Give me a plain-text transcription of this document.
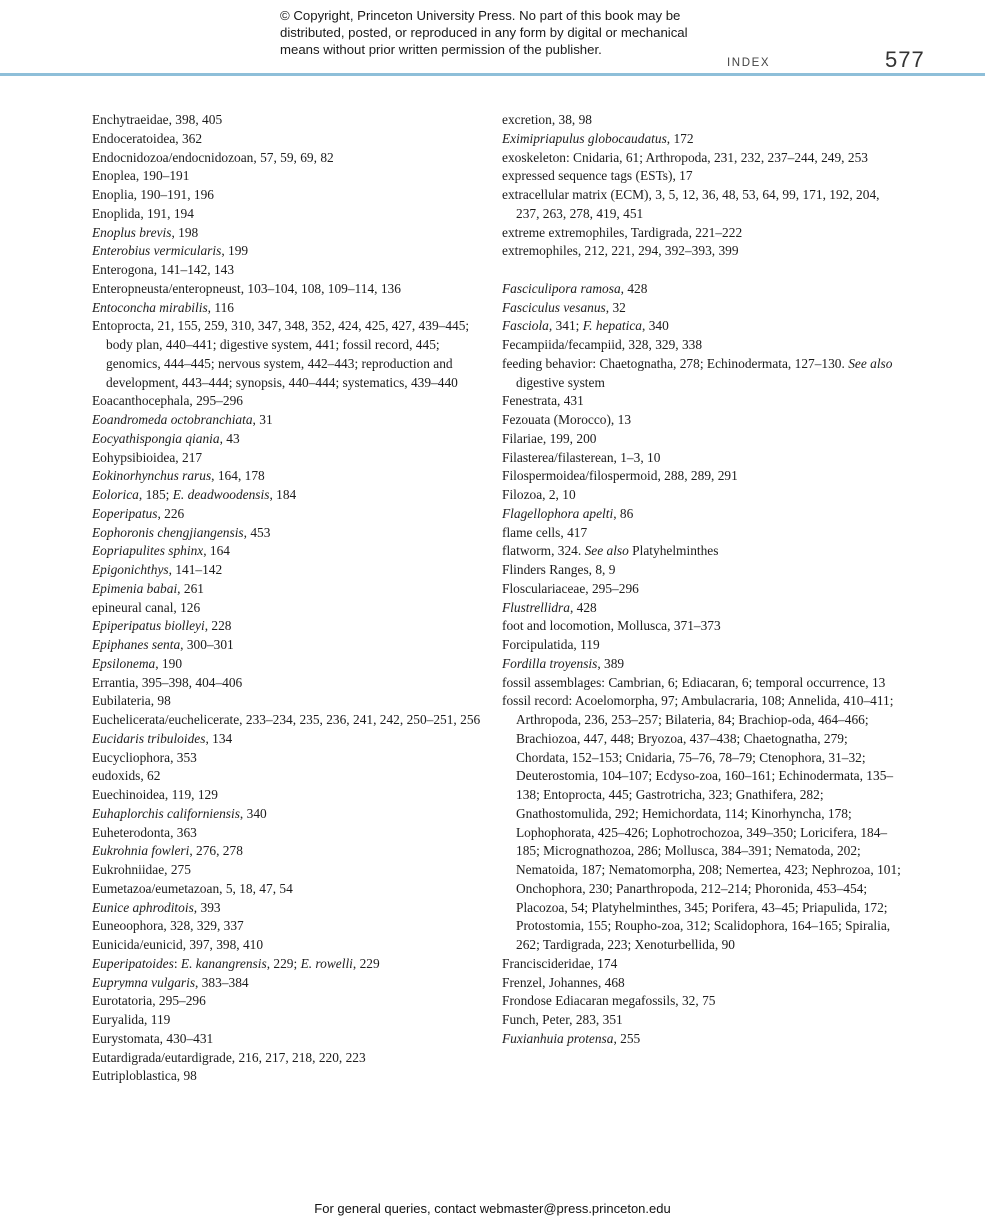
© Copyright, Princeton University Press. No part of this book may be distributed, posted, or reproduced in any form by digital or mechanical means without prior written permission of the publisher.
INDEX	577
Enchytraeidae, 398, 405
Endoceratoidea, 362
Endocnidozoa/endocnidozoan, 57, 59, 69, 82
Enoplea, 190–191
Enoplia, 190–191, 196
Enoplida, 191, 194
Enoplus brevis, 198
Enterobius vermicularis, 199
Enterogona, 141–142, 143
Enteropneusta/enteropneust, 103–104, 108, 109–114, 136
Entoconcha mirabilis, 116
Entoprocta, 21, 155, 259, 310, 347, 348, 352, 424, 425, 427, 439–445; body plan, 440–441; digestive system, 441; fossil record, 445; genomics, 444–445; nervous system, 442–443; reproduction and development, 443–444; synopsis, 440–444; systematics, 439–440
Eoacanthocephala, 295–296
Eoandromeda octobranchiata, 31
Eocyathispongia qiania, 43
Eohypsibioidea, 217
Eokinorhynchus rarus, 164, 178
Eolorica, 185; E. deadwoodensis, 184
Eoperipatus, 226
Eophoronis chengjiangensis, 453
Eopriapulites sphinx, 164
Epigonichthys, 141–142
Epimenia babai, 261
epineural canal, 126
Epiperipatus biolleyi, 228
Epiphanes senta, 300–301
Epsilonema, 190
Errantia, 395–398, 404–406
Eubilateria, 98
Euchelicerata/euchelicerate, 233–234, 235, 236, 241, 242, 250–251, 256
Eucidaris tribuloides, 134
Eucycliophora, 353
eudoxids, 62
Euechinoidea, 119, 129
Euhaplorchis californiensis, 340
Euheterodonta, 363
Eukrohnia fowleri, 276, 278
Eukrohniidae, 275
Eumetazoa/eumetazoan, 5, 18, 47, 54
Eunice aphroditois, 393
Euneoophora, 328, 329, 337
Eunicida/eunicid, 397, 398, 410
Euperipatoides: E. kanangrensis, 229; E. rowelli, 229
Euprymna vulgaris, 383–384
Eurotatoria, 295–296
Euryalida, 119
Eurystomata, 430–431
Eutardigrada/eutardigrade, 216, 217, 218, 220, 223
Eutriploblastica, 98
excretion, 38, 98
Eximipriapulus globocaudatus, 172
exoskeleton: Cnidaria, 61; Arthropoda, 231, 232, 237–244, 249, 253
expressed sequence tags (ESTs), 17
extracellular matrix (ECM), 3, 5, 12, 36, 48, 53, 64, 99, 171, 192, 204, 237, 263, 278, 419, 451
extreme extremophiles, Tardigrada, 221–222
extremophiles, 212, 221, 294, 392–393, 399
Fasciculipora ramosa, 428
Fasciculus vesanus, 32
Fasciola, 341; F. hepatica, 340
Fecampiida/fecampiid, 328, 329, 338
feeding behavior: Chaetognatha, 278; Echinodermata, 127–130. See also digestive system
Fenestrata, 431
Fezouata (Morocco), 13
Filariae, 199, 200
Filasterea/filasterean, 1–3, 10
Filospermoidea/filospermoid, 288, 289, 291
Filozoa, 2, 10
Flagellophora apelti, 86
flame cells, 417
flatworm, 324. See also Platyhelminthes
Flinders Ranges, 8, 9
Flosculariaceae, 295–296
Flustrellidra, 428
foot and locomotion, Mollusca, 371–373
Forcipulatida, 119
Fordilla troyensis, 389
fossil assemblages: Cambrian, 6; Ediacaran, 6; temporal occurrence, 13
fossil record: Acoelomorpha, 97; Ambulacraria, 108; Annelida, 410–411; Arthropoda, 236, 253–257; Bilateria, 84; Brachiop-oda, 464–466; Brachiozoa, 447, 448; Bryozoa, 437–438; Chaetognatha, 279; Chordata, 152–153; Cnidaria, 75–76, 78–79; Ctenophora, 31–32; Deuterostomia, 104–107; Ecdyso-zoa, 160–161; Echinodermata, 135–138; Entoprocta, 445; Gastrotricha, 323; Gnathifera, 282; Gnathostomulida, 292; Hemichordata, 114; Kinorhyncha, 178; Lophophorata, 425–426; Lophotrochozoa, 349–350; Loricifera, 184–185; Micrognathozoa, 286; Mollusca, 384–391; Nematoda, 202; Nematoida, 187; Nematomorpha, 208; Nemertea, 423; Nephrozoa, 101; Onchophora, 230; Panarthropoda, 212–214; Phoronida, 453–454; Placozoa, 54; Platyhelminthes, 345; Porifera, 43–45; Priapulida, 172; Protostomia, 155; Roupho-zoa, 312; Scalidophora, 164–165; Spiralia, 262; Tardigrada, 223; Xenoturbellida, 90
Franciscideridae, 174
Frenzel, Johannes, 468
Frondose Ediacaran megafossils, 32, 75
Funch, Peter, 283, 351
Fuxianhuia protensa, 255
For general queries, contact webmaster@press.princeton.edu
